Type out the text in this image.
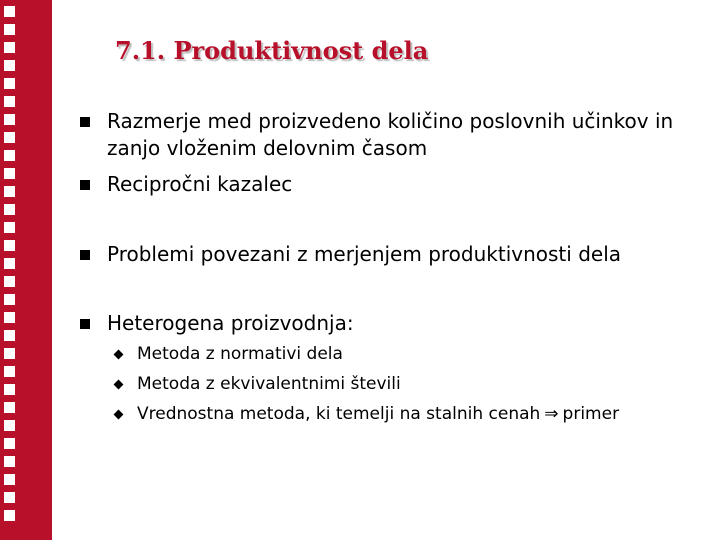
7.1. Produktivnost dela
Razmerje med proizvedeno količino poslovnih učinkov in
zanjo vloženim delovnim časom
Recipročni kazalec
Problemi povezani z merjenjem produktivnosti dela
Heterogena proizvodnja:
Metoda z normativi dela
Metoda z ekvivalentnimi števili
Vrednostna metoda, ki temelji na stalnih cenah ⇒ primer
